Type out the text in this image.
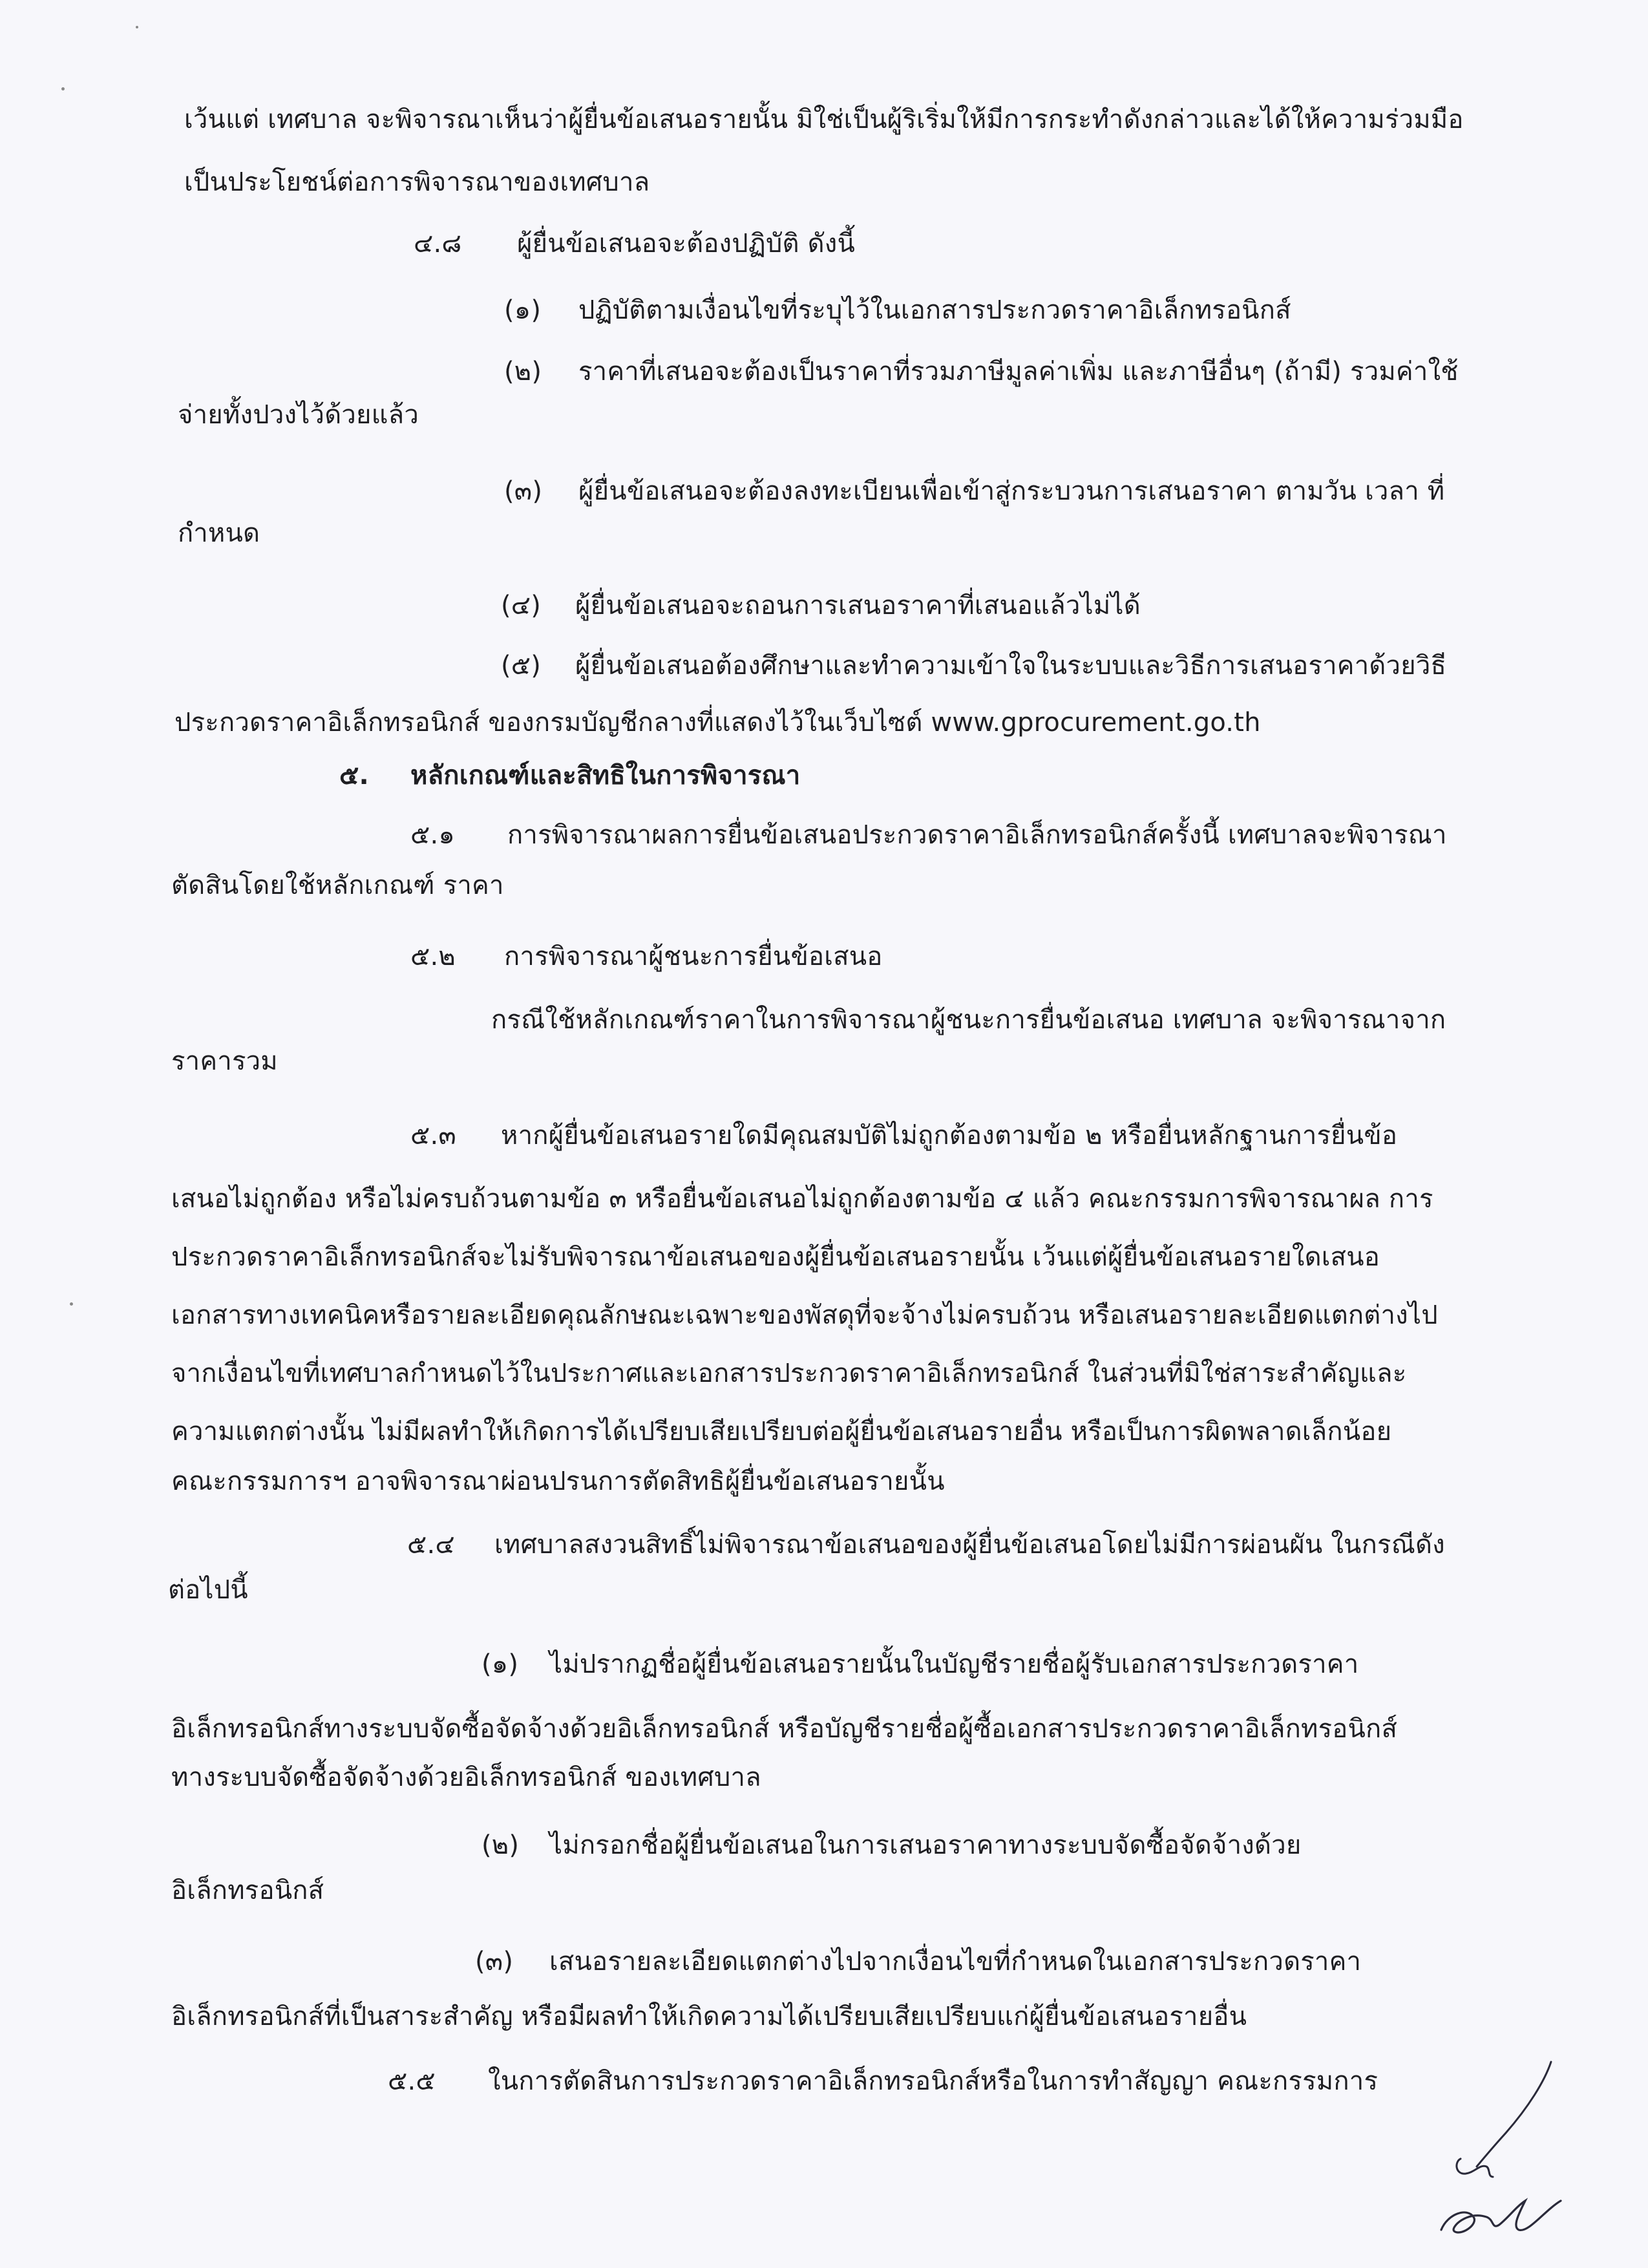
เว้นแต่ เทศบาล จะพิจารณาเห็นว่าผู้ยื่นข้อเสนอรายนั้น มิใช่เป็นผู้ริเริ่มให้มีการกระทำดังกล่าวและได้ให้ความร่วมมือ
เป็นประโยชน์ต่อการพิจารณาของเทศบาล
๔.๘ ผู้ยื่นข้อเสนอจะต้องปฏิบัติ ดังนี้
(๑) ปฏิบัติตามเงื่อนไขที่ระบุไว้ในเอกสารประกวดราคาอิเล็กทรอนิกส์
(๒) ราคาที่เสนอจะต้องเป็นราคาที่รวมภาษีมูลค่าเพิ่ม และภาษีอื่นๆ (ถ้ามี) รวมค่าใช้
จ่ายทั้งปวงไว้ด้วยแล้ว
(๓) ผู้ยื่นข้อเสนอจะต้องลงทะเบียนเพื่อเข้าสู่กระบวนการเสนอราคา ตามวัน เวลา ที่
กำหนด
(๔) ผู้ยื่นข้อเสนอจะถอนการเสนอราคาที่เสนอแล้วไม่ได้
(๕) ผู้ยื่นข้อเสนอต้องศึกษาและทำความเข้าใจในระบบและวิธีการเสนอราคาด้วยวิธี
ประกวดราคาอิเล็กทรอนิกส์ ของกรมบัญชีกลางที่แสดงไว้ในเว็บไซต์ www.gprocurement.go.th
๕. หลักเกณฑ์และสิทธิในการพิจารณา
๕.๑ การพิจารณาผลการยื่นข้อเสนอประกวดราคาอิเล็กทรอนิกส์ครั้งนี้ เทศบาลจะพิจารณา
ตัดสินโดยใช้หลักเกณฑ์ ราคา
๕.๒ การพิจารณาผู้ชนะการยื่นข้อเสนอ
กรณีใช้หลักเกณฑ์ราคาในการพิจารณาผู้ชนะการยื่นข้อเสนอ เทศบาล จะพิจารณาจาก
ราคารวม
๕.๓ หากผู้ยื่นข้อเสนอรายใดมีคุณสมบัติไม่ถูกต้องตามข้อ ๒ หรือยื่นหลักฐานการยื่นข้อ
เสนอไม่ถูกต้อง หรือไม่ครบถ้วนตามข้อ ๓ หรือยื่นข้อเสนอไม่ถูกต้องตามข้อ ๔ แล้ว คณะกรรมการพิจารณาผล การ
ประกวดราคาอิเล็กทรอนิกส์จะไม่รับพิจารณาข้อเสนอของผู้ยื่นข้อเสนอรายนั้น เว้นแต่ผู้ยื่นข้อเสนอรายใดเสนอ
เอกสารทางเทคนิคหรือรายละเอียดคุณลักษณะเฉพาะของพัสดุที่จะจ้างไม่ครบถ้วน หรือเสนอรายละเอียดแตกต่างไป
จากเงื่อนไขที่เทศบาลกำหนดไว้ในประกาศและเอกสารประกวดราคาอิเล็กทรอนิกส์ ในส่วนที่มิใช่สาระสำคัญและ
ความแตกต่างนั้น ไม่มีผลทำให้เกิดการได้เปรียบเสียเปรียบต่อผู้ยื่นข้อเสนอรายอื่น หรือเป็นการผิดพลาดเล็กน้อย
คณะกรรมการฯ อาจพิจารณาผ่อนปรนการตัดสิทธิผู้ยื่นข้อเสนอรายนั้น
๕.๔ เทศบาลสงวนสิทธิ์ไม่พิจารณาข้อเสนอของผู้ยื่นข้อเสนอโดยไม่มีการผ่อนผัน ในกรณีดัง
ต่อไปนี้
(๑) ไม่ปรากฏชื่อผู้ยื่นข้อเสนอรายนั้นในบัญชีรายชื่อผู้รับเอกสารประกวดราคา
อิเล็กทรอนิกส์ทางระบบจัดซื้อจัดจ้างด้วยอิเล็กทรอนิกส์ หรือบัญชีรายชื่อผู้ซื้อเอกสารประกวดราคาอิเล็กทรอนิกส์
ทางระบบจัดซื้อจัดจ้างด้วยอิเล็กทรอนิกส์ ของเทศบาล
(๒) ไม่กรอกชื่อผู้ยื่นข้อเสนอในการเสนอราคาทางระบบจัดซื้อจัดจ้างด้วย
อิเล็กทรอนิกส์
(๓) เสนอรายละเอียดแตกต่างไปจากเงื่อนไขที่กำหนดในเอกสารประกวดราคา
อิเล็กทรอนิกส์ที่เป็นสาระสำคัญ หรือมีผลทำให้เกิดความได้เปรียบเสียเปรียบแก่ผู้ยื่นข้อเสนอรายอื่น
๕.๕ ในการตัดสินการประกวดราคาอิเล็กทรอนิกส์หรือในการทำสัญญา คณะกรรมการ
